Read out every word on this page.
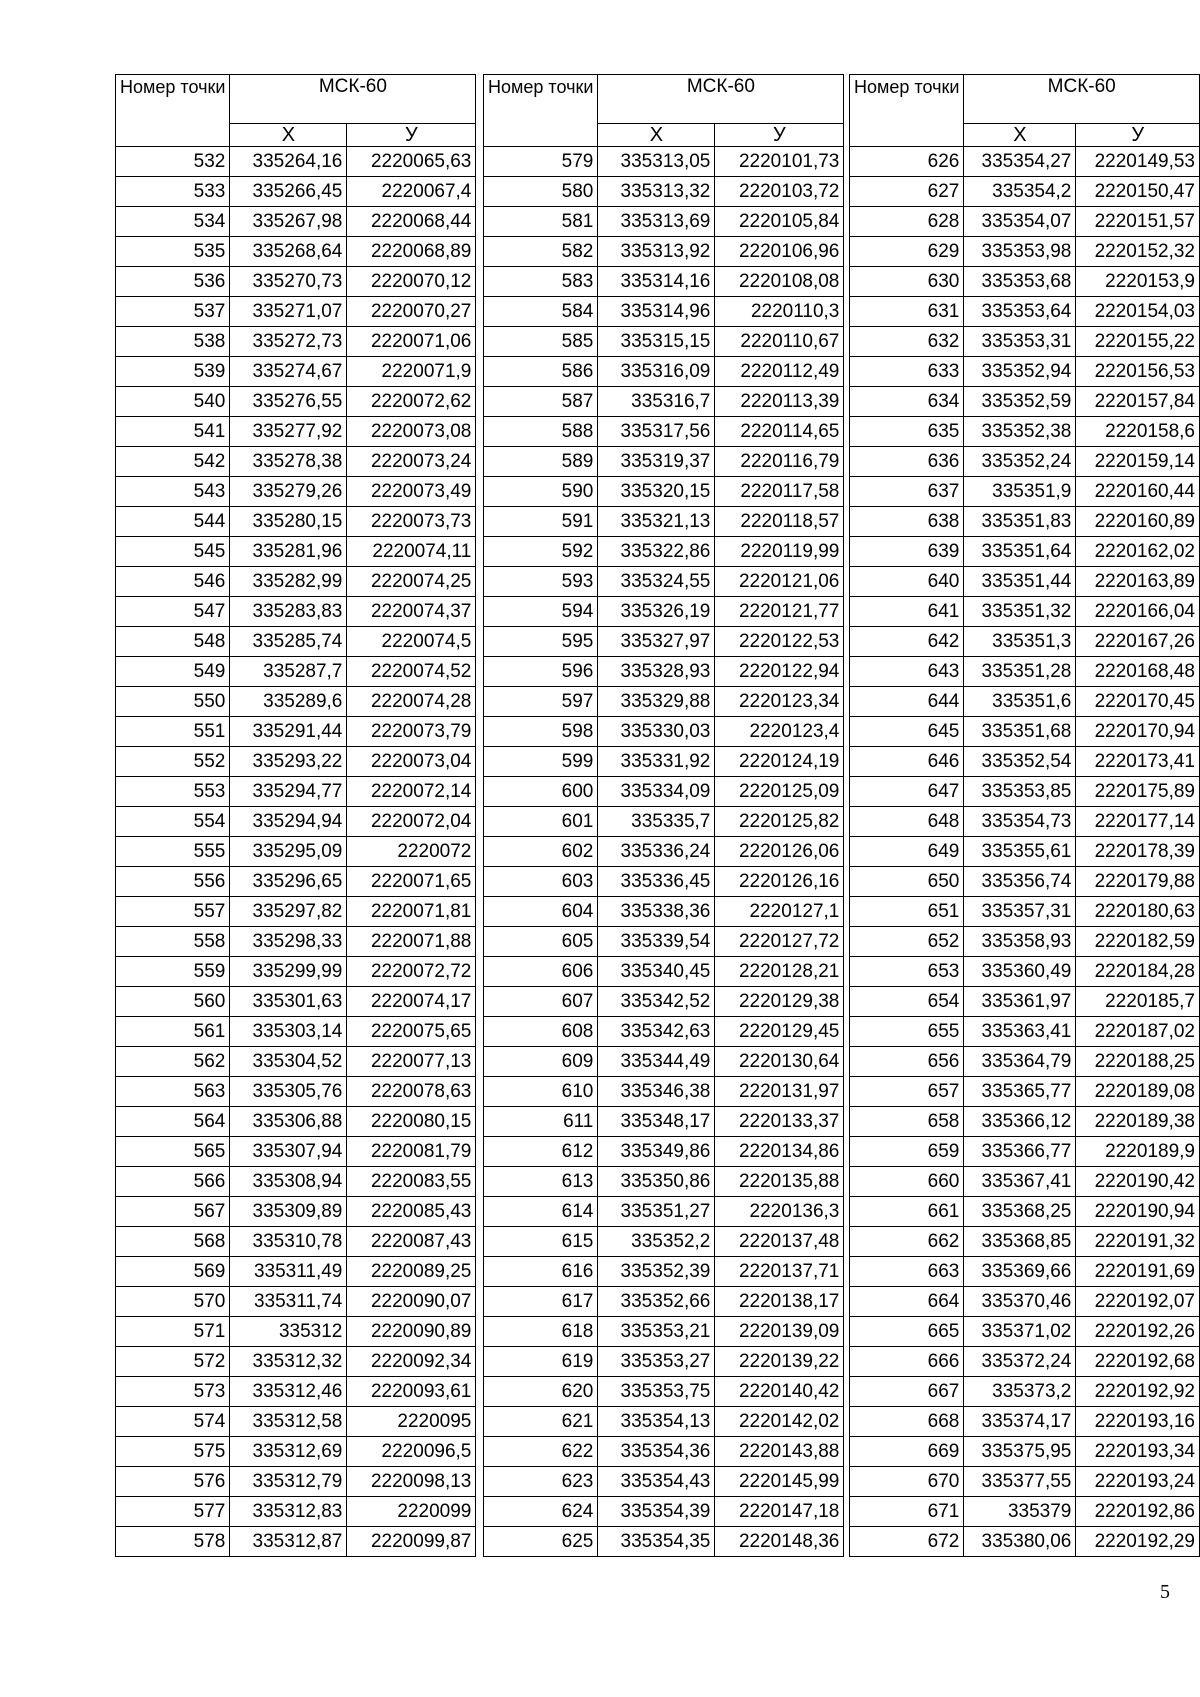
Номер точки	МСК-60	
	Х	У
532	335264,16	2220065,63
533	335266,45	2220067,4
534	335267,98	2220068,44
535	335268,64	2220068,89
536	335270,73	2220070,12
537	335271,07	2220070,27
538	335272,73	2220071,06
539	335274,67	2220071,9
540	335276,55	2220072,62
541	335277,92	2220073,08
542	335278,38	2220073,24
543	335279,26	2220073,49
544	335280,15	2220073,73
545	335281,96	2220074,11
546	335282,99	2220074,25
547	335283,83	2220074,37
548	335285,74	2220074,5
549	335287,7	2220074,52
550	335289,6	2220074,28
551	335291,44	2220073,79
552	335293,22	2220073,04
553	335294,77	2220072,14
554	335294,94	2220072,04
555	335295,09	2220072
556	335296,65	2220071,65
557	335297,82	2220071,81
558	335298,33	2220071,88
559	335299,99	2220072,72
560	335301,63	2220074,17
561	335303,14	2220075,65
562	335304,52	2220077,13
563	335305,76	2220078,63
564	335306,88	2220080,15
565	335307,94	2220081,79
566	335308,94	2220083,55
567	335309,89	2220085,43
568	335310,78	2220087,43
569	335311,49	2220089,25
570	335311,74	2220090,07
571	335312	2220090,89
572	335312,32	2220092,34
573	335312,46	2220093,61
574	335312,58	2220095
575	335312,69	2220096,5
576	335312,79	2220098,13
577	335312,83	2220099
578	335312,87	2220099,87
Номер точки	МСК-60	
	Х	У
579	335313,05	2220101,73
580	335313,32	2220103,72
581	335313,69	2220105,84
582	335313,92	2220106,96
583	335314,16	2220108,08
584	335314,96	2220110,3
585	335315,15	2220110,67
586	335316,09	2220112,49
587	335316,7	2220113,39
588	335317,56	2220114,65
589	335319,37	2220116,79
590	335320,15	2220117,58
591	335321,13	2220118,57
592	335322,86	2220119,99
593	335324,55	2220121,06
594	335326,19	2220121,77
595	335327,97	2220122,53
596	335328,93	2220122,94
597	335329,88	2220123,34
598	335330,03	2220123,4
599	335331,92	2220124,19
600	335334,09	2220125,09
601	335335,7	2220125,82
602	335336,24	2220126,06
603	335336,45	2220126,16
604	335338,36	2220127,1
605	335339,54	2220127,72
606	335340,45	2220128,21
607	335342,52	2220129,38
608	335342,63	2220129,45
609	335344,49	2220130,64
610	335346,38	2220131,97
611	335348,17	2220133,37
612	335349,86	2220134,86
613	335350,86	2220135,88
614	335351,27	2220136,3
615	335352,2	2220137,48
616	335352,39	2220137,71
617	335352,66	2220138,17
618	335353,21	2220139,09
619	335353,27	2220139,22
620	335353,75	2220140,42
621	335354,13	2220142,02
622	335354,36	2220143,88
623	335354,43	2220145,99
624	335354,39	2220147,18
625	335354,35	2220148,36
Номер точки	МСК-60	
	Х	У
626	335354,27	2220149,53
627	335354,2	2220150,47
628	335354,07	2220151,57
629	335353,98	2220152,32
630	335353,68	2220153,9
631	335353,64	2220154,03
632	335353,31	2220155,22
633	335352,94	2220156,53
634	335352,59	2220157,84
635	335352,38	2220158,6
636	335352,24	2220159,14
637	335351,9	2220160,44
638	335351,83	2220160,89
639	335351,64	2220162,02
640	335351,44	2220163,89
641	335351,32	2220166,04
642	335351,3	2220167,26
643	335351,28	2220168,48
644	335351,6	2220170,45
645	335351,68	2220170,94
646	335352,54	2220173,41
647	335353,85	2220175,89
648	335354,73	2220177,14
649	335355,61	2220178,39
650	335356,74	2220179,88
651	335357,31	2220180,63
652	335358,93	2220182,59
653	335360,49	2220184,28
654	335361,97	2220185,7
655	335363,41	2220187,02
656	335364,79	2220188,25
657	335365,77	2220189,08
658	335366,12	2220189,38
659	335366,77	2220189,9
660	335367,41	2220190,42
661	335368,25	2220190,94
662	335368,85	2220191,32
663	335369,66	2220191,69
664	335370,46	2220192,07
665	335371,02	2220192,26
666	335372,24	2220192,68
667	335373,2	2220192,92
668	335374,17	2220193,16
669	335375,95	2220193,34
670	335377,55	2220193,24
671	335379	2220192,86
672	335380,06	2220192,29
5
